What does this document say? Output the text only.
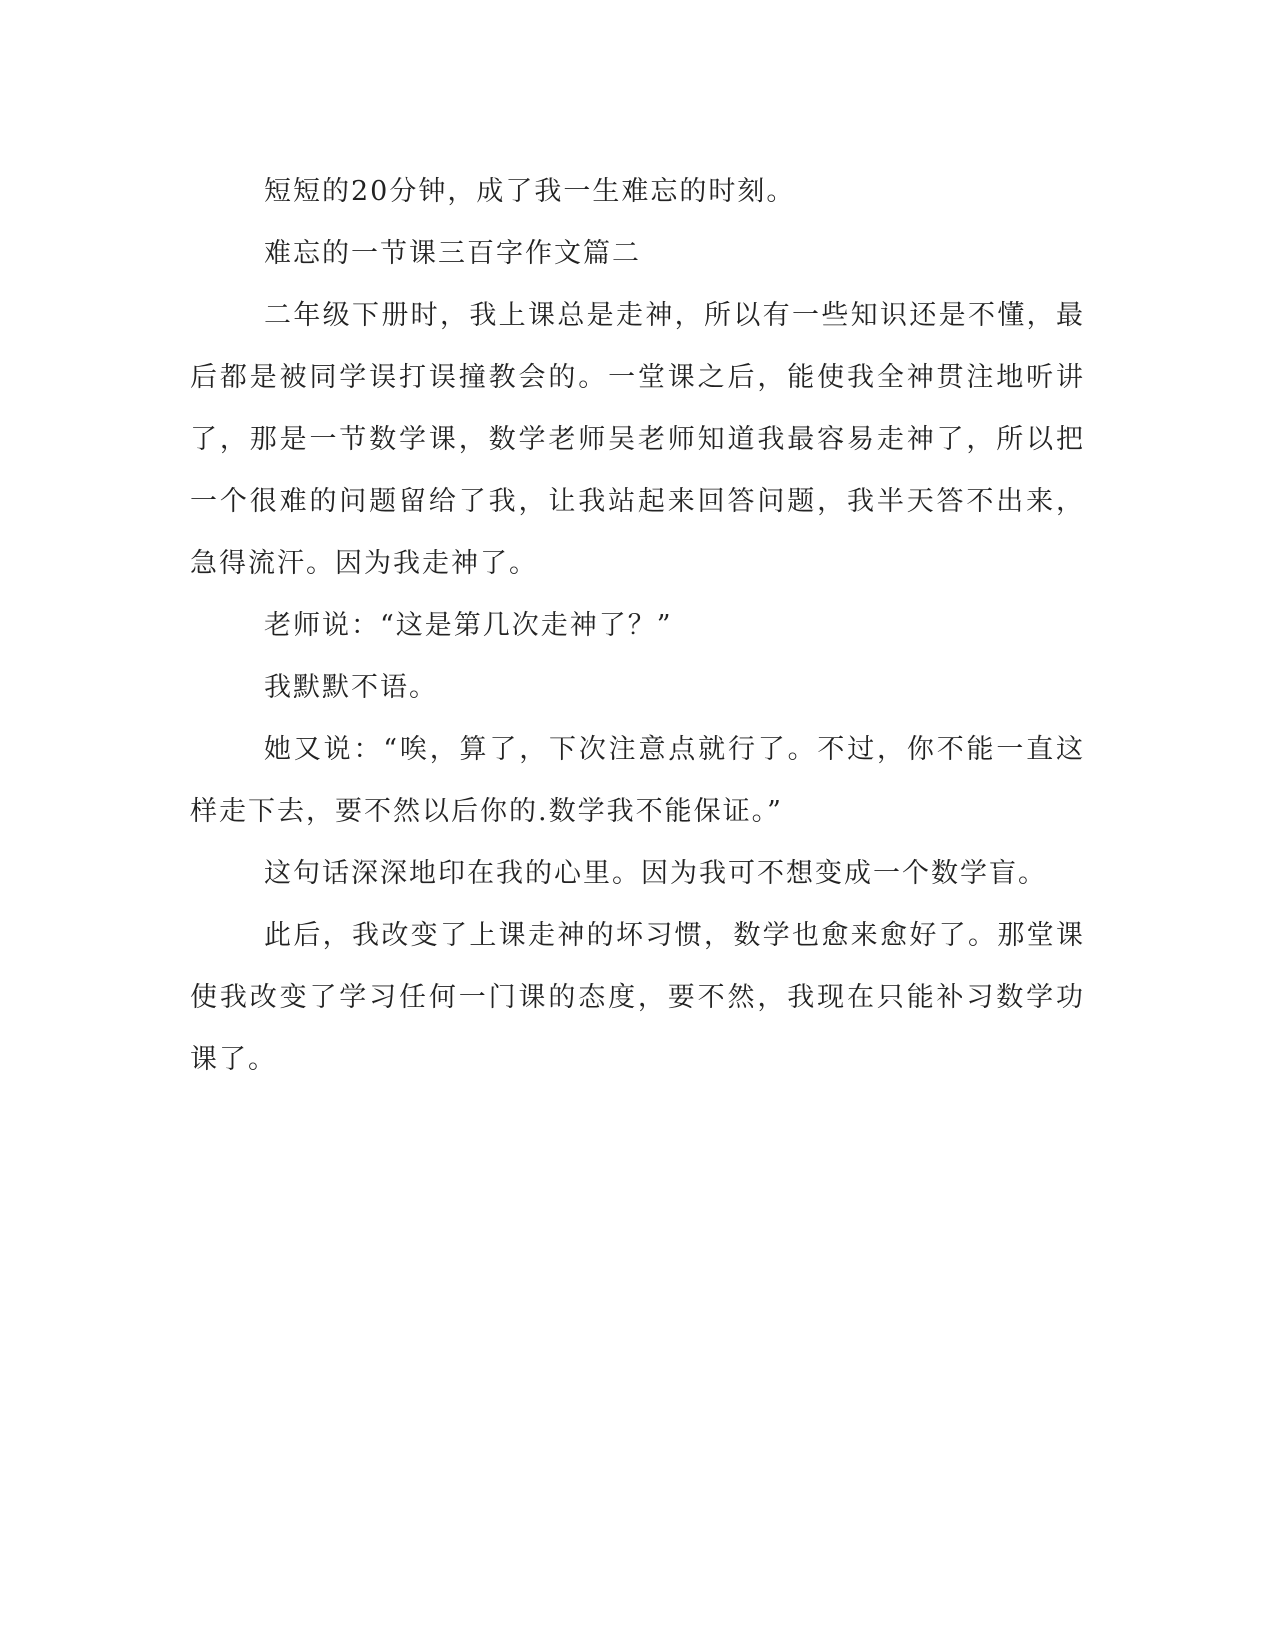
短短的20分钟，成了我一生难忘的时刻。

难忘的一节课三百字作文篇二

二年级下册时，我上课总是走神，所以有一些知识还是不懂，最后都是被同学误打误撞教会的。一堂课之后，能使我全神贯注地听讲了，那是一节数学课，数学老师吴老师知道我最容易走神了，所以把一个很难的问题留给了我，让我站起来回答问题，我半天答不出来，急得流汗。因为我走神了。

老师说：“这是第几次走神了？”

我默默不语。

她又说：“唉，算了，下次注意点就行了。不过，你不能一直这样走下去，要不然以后你的.数学我不能保证。”

这句话深深地印在我的心里。因为我可不想变成一个数学盲。

此后，我改变了上课走神的坏习惯，数学也愈来愈好了。那堂课使我改变了学习任何一门课的态度，要不然，我现在只能补习数学功课了。
